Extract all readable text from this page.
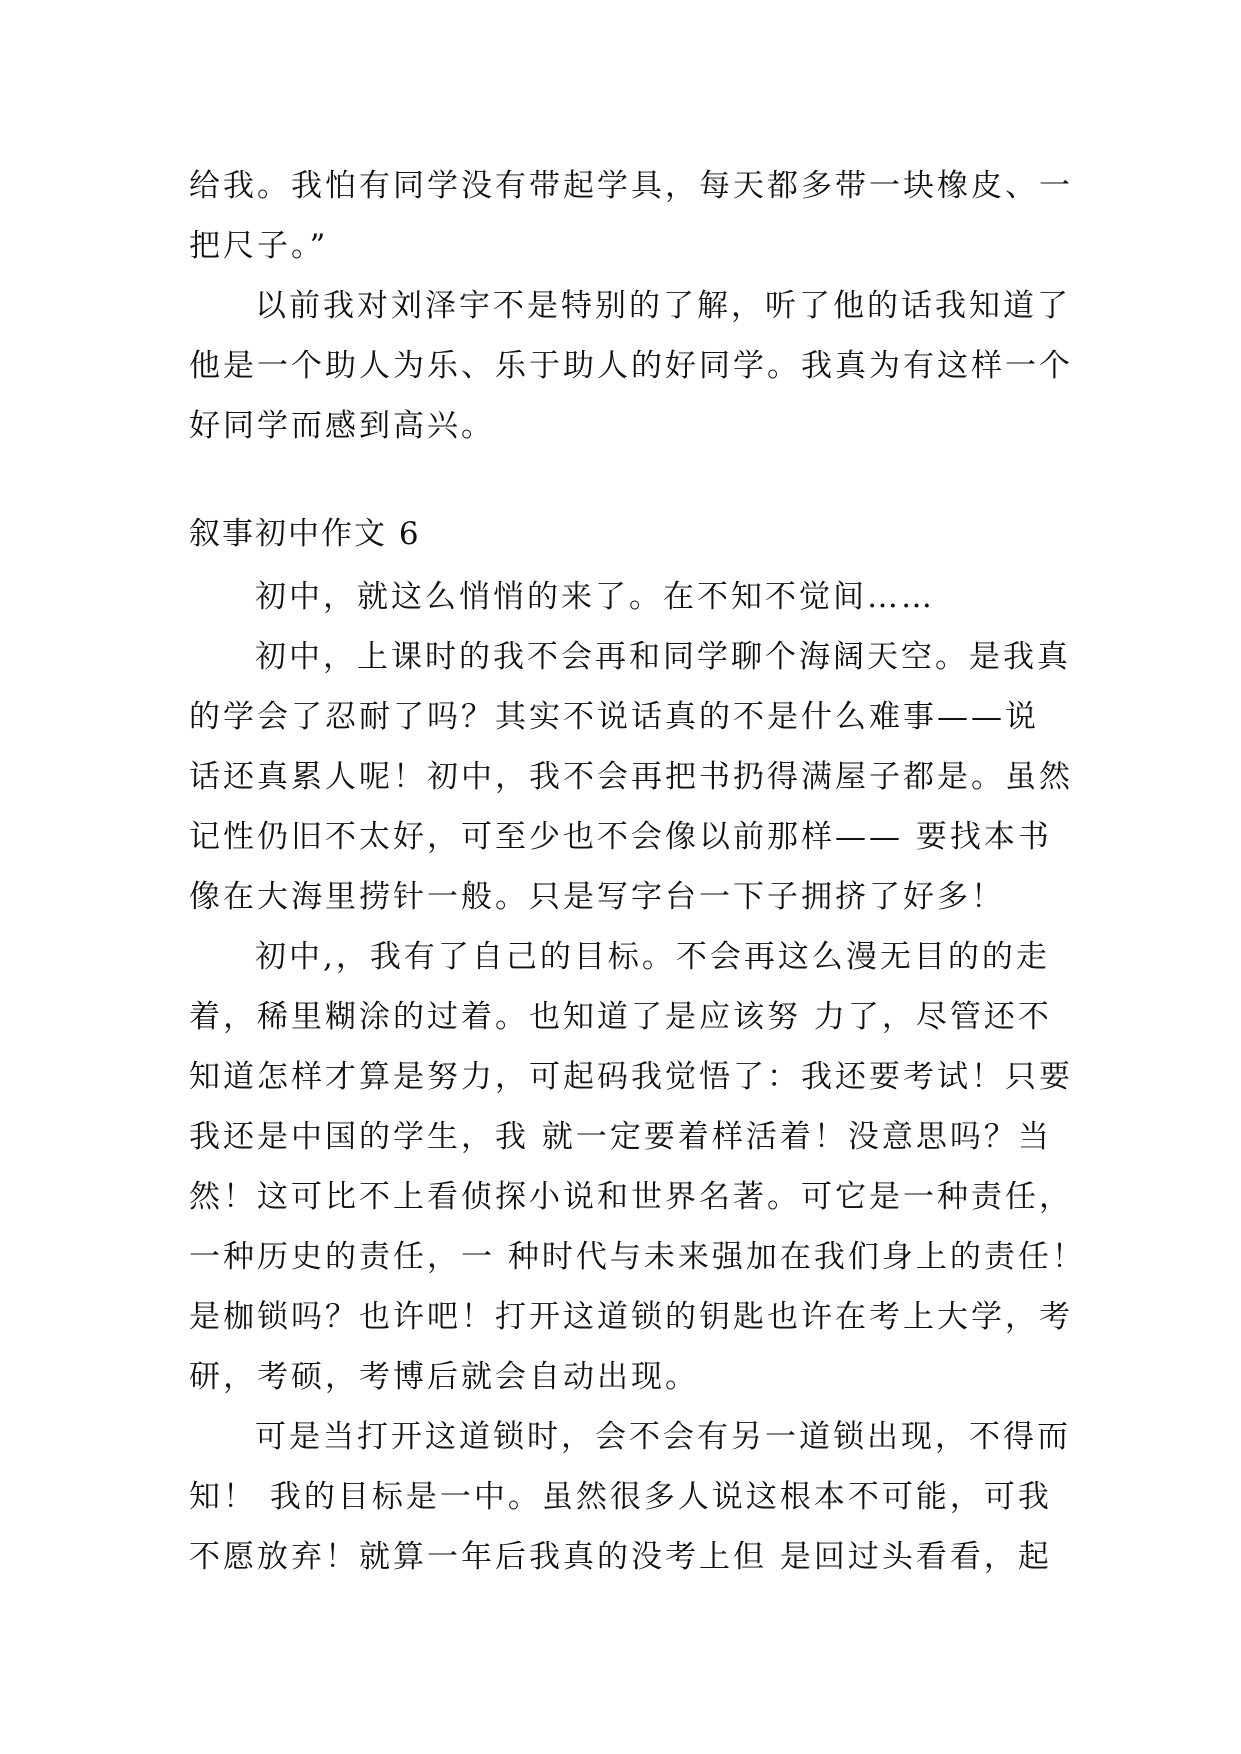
给我。我怕有同学没有带起学具，每天都多带一块橡皮、一
把尺子。”
以前我对刘泽宇不是特别的了解，听了他的话我知道了
他是一个助人为乐、乐于助人的好同学。我真为有这样一个
好同学而感到高兴。
叙事初中作文 6
初中，就这么悄悄的来了。在不知不觉间……
初中，上课时的我不会再和同学聊个海阔天空。是我真
的学会了忍耐了吗？其实不说话真的不是什么难事——说
话还真累人呢！初中，我不会再把书扔得满屋子都是。虽然
记性仍旧不太好，可至少也不会像以前那样—— 要找本书
像在大海里捞针一般。只是写字台一下子拥挤了好多！
初中,，我有了自己的目标。不会再这么漫无目的的走
着，稀里糊涂的过着。也知道了是应该努 力了，尽管还不
知道怎样才算是努力，可起码我觉悟了：我还要考试！只要
我还是中国的学生，我 就一定要着样活着！没意思吗？当
然！这可比不上看侦探小说和世界名著。可它是一种责任，
一种历史的责任，一 种时代与未来强加在我们身上的责任！
是枷锁吗？也许吧！打开这道锁的钥匙也许在考上大学，考
研，考硕，考博后就会自动出现。
可是当打开这道锁时，会不会有另一道锁出现，不得而
知！ 我的目标是一中。虽然很多人说这根本不可能，可我
不愿放弃！就算一年后我真的没考上但 是回过头看看，起
